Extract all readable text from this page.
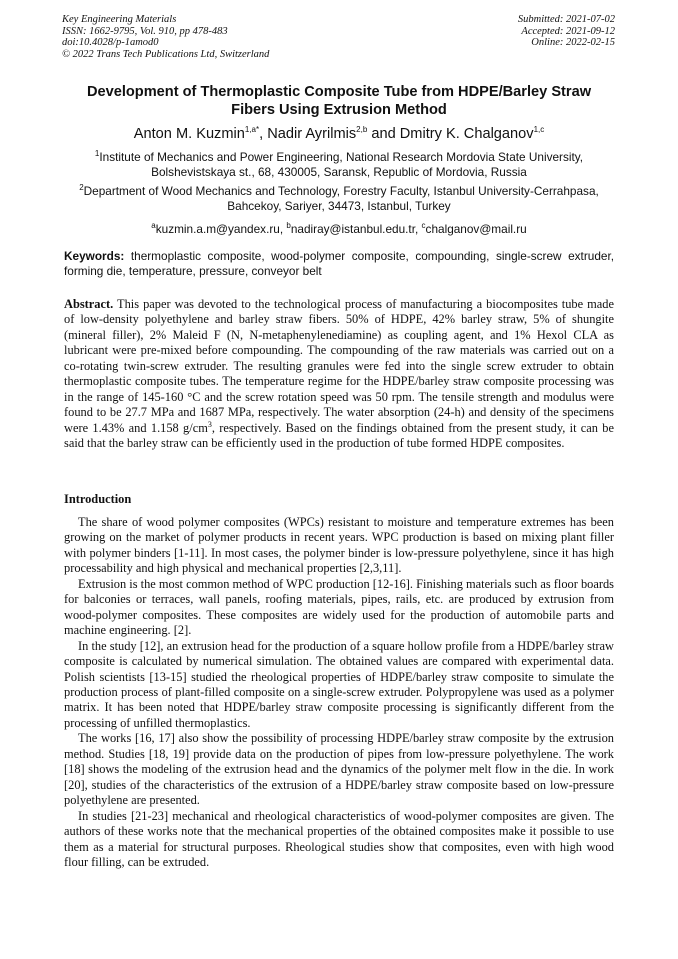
Key Engineering Materials
ISSN: 1662-9795, Vol. 910, pp 478-483
doi:10.4028/p-1amod0
© 2022 Trans Tech Publications Ltd, Switzerland
Submitted: 2021-07-02
Accepted: 2021-09-12
Online: 2022-02-15
Development of Thermoplastic Composite Tube from HDPE/Barley Straw Fibers Using Extrusion Method
Anton M. Kuzmin$^{1,a*}$, Nadir Ayrilmis$^{2,b}$ and Dmitry K. Chalganov$^{1,c}$
$^1$Institute of Mechanics and Power Engineering, National Research Mordovia State University, Bolshevistskaya st., 68, 430005, Saransk, Republic of Mordovia, Russia
$^2$Department of Wood Mechanics and Technology, Forestry Faculty, Istanbul University-Cerrahpasa, Bahcekoy, Sariyer, 34473, Istanbul, Turkey
$^a$kuzmin.a.m@yandex.ru, $^b$nadiray@istanbul.edu.tr, $^c$chalganov@mail.ru
Keywords: thermoplastic composite, wood-polymer composite, compounding, single-screw extruder, forming die, temperature, pressure, conveyor belt
Abstract. This paper was devoted to the technological process of manufacturing a biocomposites tube made of low-density polyethylene and barley straw fibers. 50% of HDPE, 42% barley straw, 5% of shungite (mineral filler), 2% Maleid F (N, N-metaphenylenediamine) as coupling agent, and 1% Hexol CLA as lubricant were pre-mixed before compounding. The compounding of the raw materials was carried out on a co-rotating twin-screw extruder. The resulting granules were fed into the single screw extruder to obtain thermoplastic composite tubes. The temperature regime for the HDPE/barley straw composite processing was in the range of 145-160 °C and the screw rotation speed was 50 rpm. The tensile strength and modulus were found to be 27.7 MPa and 1687 MPa, respectively. The water absorption (24-h) and density of the specimens were 1.43% and 1.158 $g/cm^3$, respectively. Based on the findings obtained from the present study, it can be said that the barley straw can be efficiently used in the production of tube formed HDPE composites.
Introduction

The share of wood polymer composites (WPCs) resistant to moisture and temperature extremes has been growing on the market of polymer products in recent years. WPC production is based on mixing plant filler with polymer binders [1-11]. In most cases, the polymer binder is low-pressure polyethylene, since it has high processability and high physical and mechanical properties [2,3,11].

Extrusion is the most common method of WPC production [12-16]. Finishing materials such as floor boards for balconies or terraces, wall panels, roofing materials, pipes, rails, etc. are produced by extrusion from wood-polymer composites. These composites are widely used for the production of automobile parts and machine engineering. [2].

In the study [12], an extrusion head for the production of a square hollow profile from a HDPE/barley straw composite is calculated by numerical simulation. The obtained values are compared with experimental data. Polish scientists [13-15] studied the rheological properties of HDPE/barley straw composite to simulate the production process of plant-filled composite on a single-screw extruder. Polypropylene was used as a polymer matrix. It has been noted that HDPE/barley straw composite processing is significantly different from the processing of unfilled thermoplastics.

The works [16, 17] also show the possibility of processing HDPE/barley straw composite by the extrusion method. Studies [18, 19] provide data on the production of pipes from low-pressure polyethylene. The work [18] shows the modeling of the extrusion head and the dynamics of the polymer melt flow in the die. In work [20], studies of the characteristics of the extrusion of a HDPE/barley straw composite based on low-pressure polyethylene are presented.

In studies [21-23] mechanical and rheological characteristics of wood-polymer composites are given. The authors of these works note that the mechanical properties of the obtained composites make it possible to use them as a material for structural purposes. Rheological studies show that composites, even with high wood flour filling, can be extruded.
